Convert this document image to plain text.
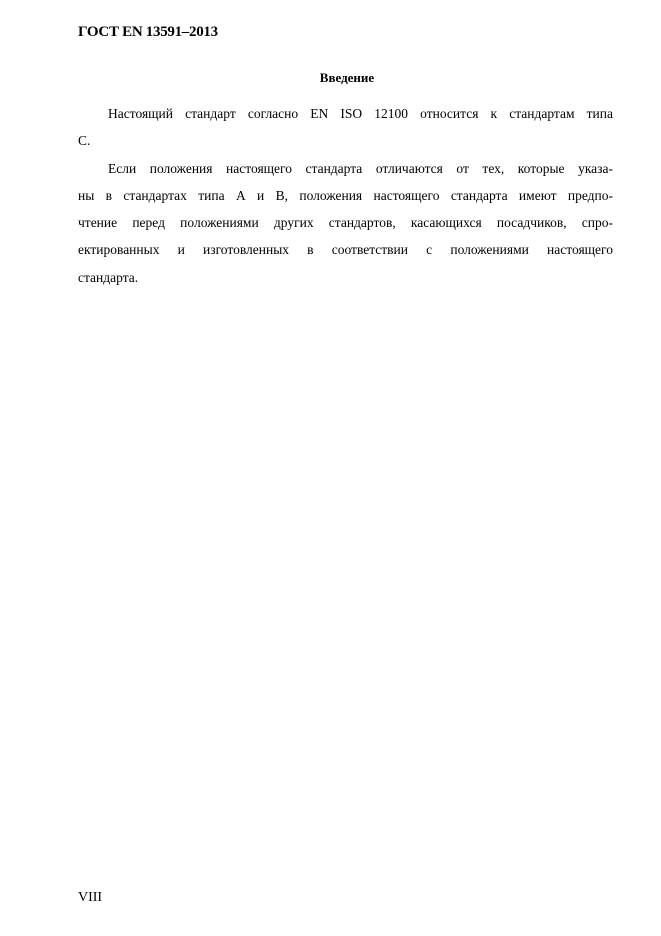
ГОСТ EN 13591–2013
Введение
Настоящий стандарт согласно EN ISO 12100 относится к стандартам типа
С.
Если положения настоящего стандарта отличаются от тех, которые указа-
ны в стандартах типа А и В, положения настоящего стандарта имеют предпо-
чтение перед положениями других стандартов, касающихся посадчиков, спро-
ектированных и изготовленных в соответствии с положениями настоящего
стандарта.
VIII
